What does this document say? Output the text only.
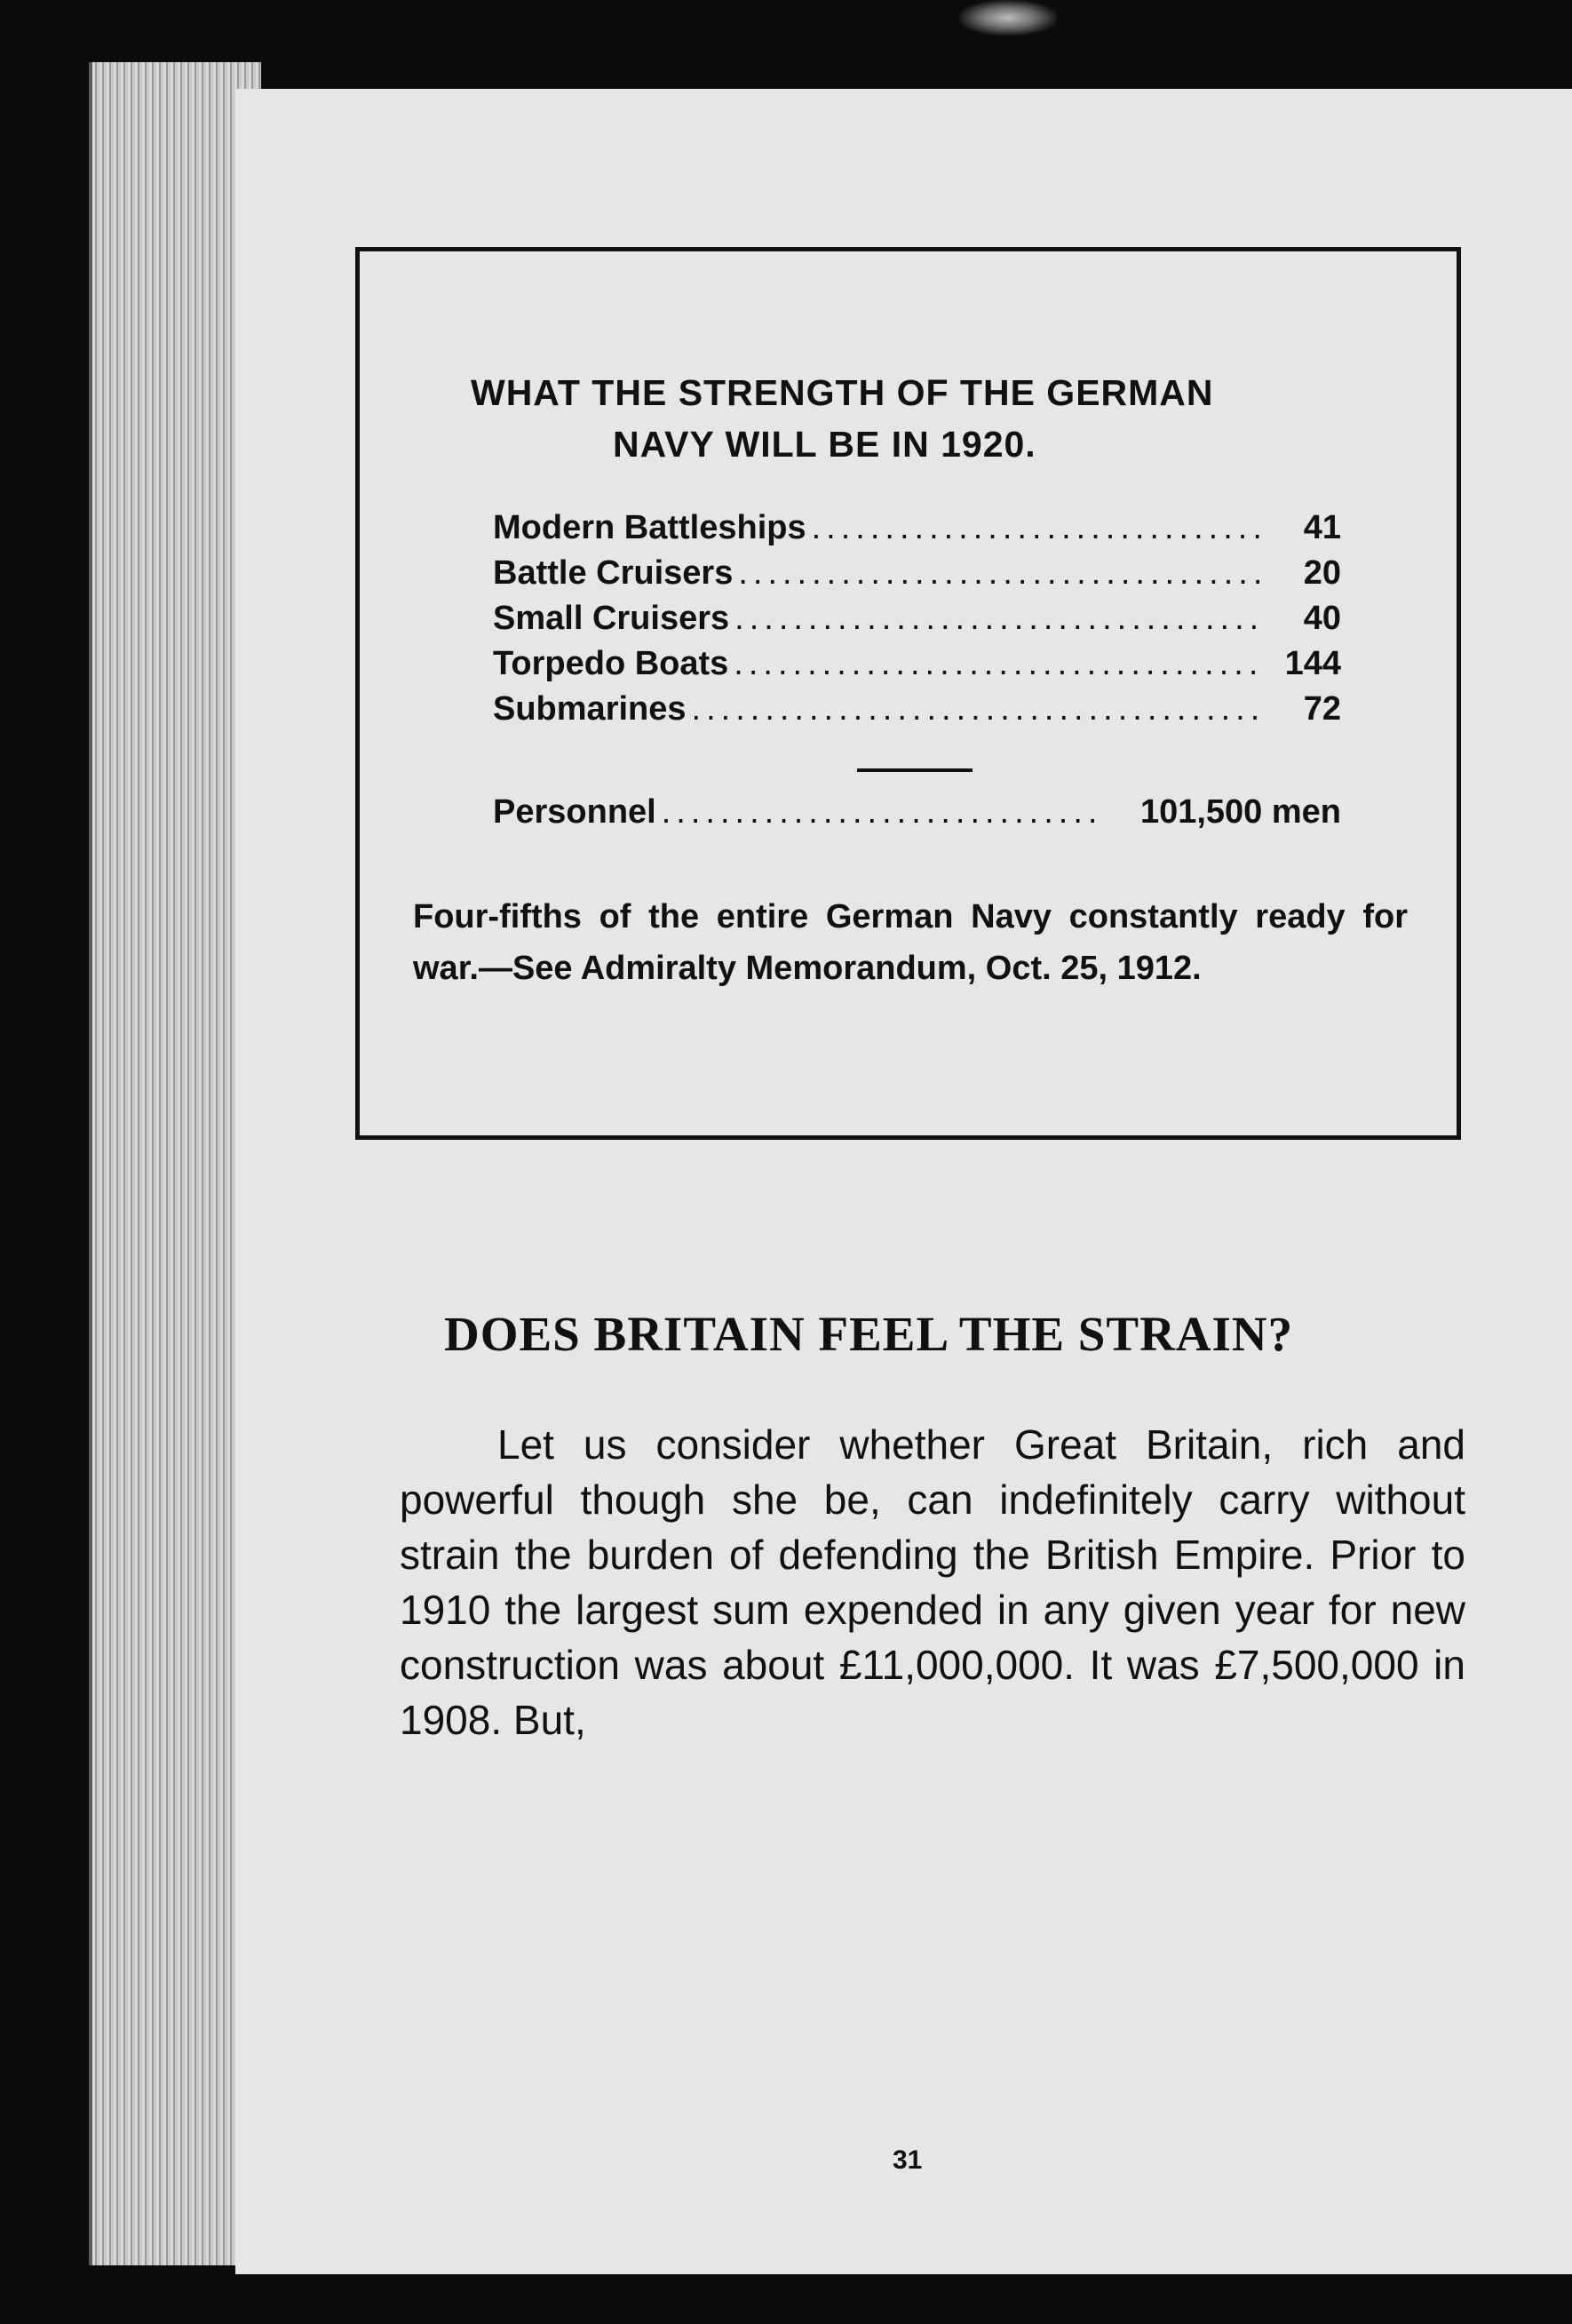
WHAT THE STRENGTH OF THE GERMAN
NAVY WILL BE IN 1920.
Modern Battleships .....	41
Battle Cruisers .....	20
Small Cruisers .....	40
Torpedo Boats .....	144
Submarines .....	72
Personnel .....	101,500 men
Four-fifths of the entire German Navy constantly ready for war.—See Admiralty Memorandum, Oct. 25, 1912.
DOES BRITAIN FEEL THE STRAIN?
Let us consider whether Great Britain, rich and powerful though she be, can indefinitely carry without strain the burden of defending the British Empire. Prior to 1910 the largest sum expended in any given year for new construction was about £11,000,000. It was £7,500,000 in 1908. But,
31
